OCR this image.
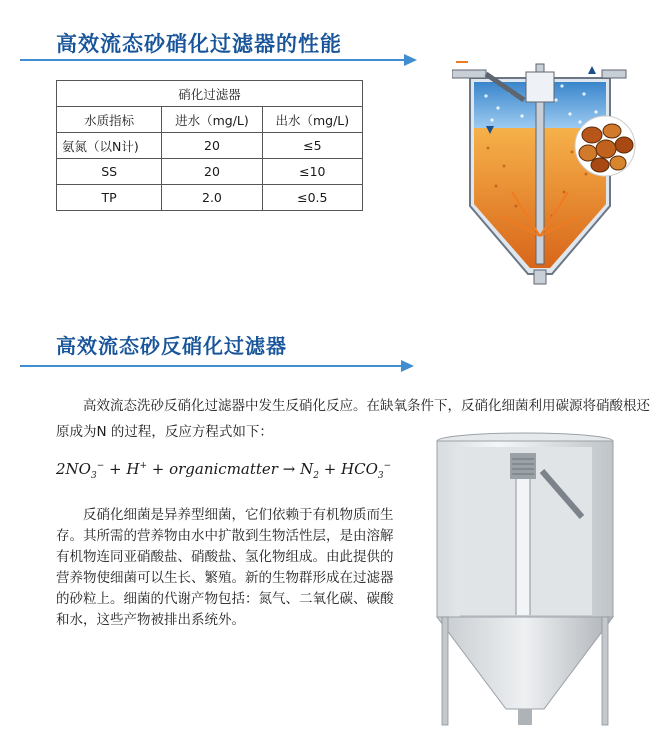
高效流态砂硝化过滤器的性能
硝化过滤器		
水质指标	进水（mg/L)	出水（mg/L)
氨氮（以N计)	20	≤5
SS	20	≤10
TP	2.0	≤0.5
高效流态砂反硝化过滤器
高效流态洗砂反硝化过滤器中发生反硝化反应。在缺氧条件下，反硝化细菌利用碳源将硝酸根还原成为N 的过程，反应方程式如下：
$2NO_3^- + H^+$ + organicmatter → $N_2 + HCO_3^-$
反硝化细菌是异养型细菌，它们依赖于有机物质而生存。其所需的营养物由水中扩散到生物活性层，是由溶解有机物连同亚硝酸盐、硝酸盐、氢化物组成。由此提供的营养物使细菌可以生长、繁殖。新的生物群形成在过滤器的砂粒上。细菌的代谢产物包括：氮气、二氧化碳、碳酸和水，这些产物被排出系统外。
